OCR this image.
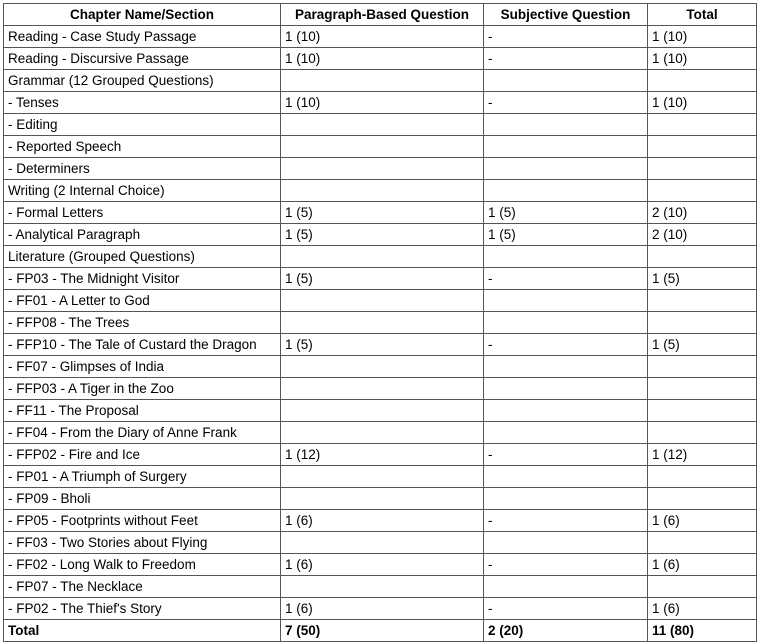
Chapter Name/Section	Paragraph-Based Question	Subjective Question	Total
Reading - Case Study Passage	1 (10)	-	1 (10)
Reading - Discursive Passage	1 (10)	-	1 (10)
Grammar (12 Grouped Questions)			
- Tenses	1 (10)	-	1 (10)
- Editing			
- Reported Speech			
- Determiners			
Writing (2 Internal Choice)			
- Formal Letters	1 (5)	1 (5)	2 (10)
- Analytical Paragraph	1 (5)	1 (5)	2 (10)
Literature (Grouped Questions)			
- FP03 - The Midnight Visitor	1 (5)	-	1 (5)
- FF01 - A Letter to God			
- FFP08 - The Trees			
- FFP10 - The Tale of Custard the Dragon	1 (5)	-	1 (5)
- FF07 - Glimpses of India			
- FFP03 - A Tiger in the Zoo			
- FF11 - The Proposal			
- FF04 - From the Diary of Anne Frank			
- FFP02 - Fire and Ice	1 (12)	-	1 (12)
- FP01 - A Triumph of Surgery			
- FP09 - Bholi			
- FP05 - Footprints without Feet	1 (6)	-	1 (6)
- FF03 - Two Stories about Flying			
- FF02 - Long Walk to Freedom	1 (6)	-	1 (6)
- FP07 - The Necklace			
- FP02 - The Thief's Story	1 (6)	-	1 (6)
Total	7 (50)	2 (20)	11 (80)
